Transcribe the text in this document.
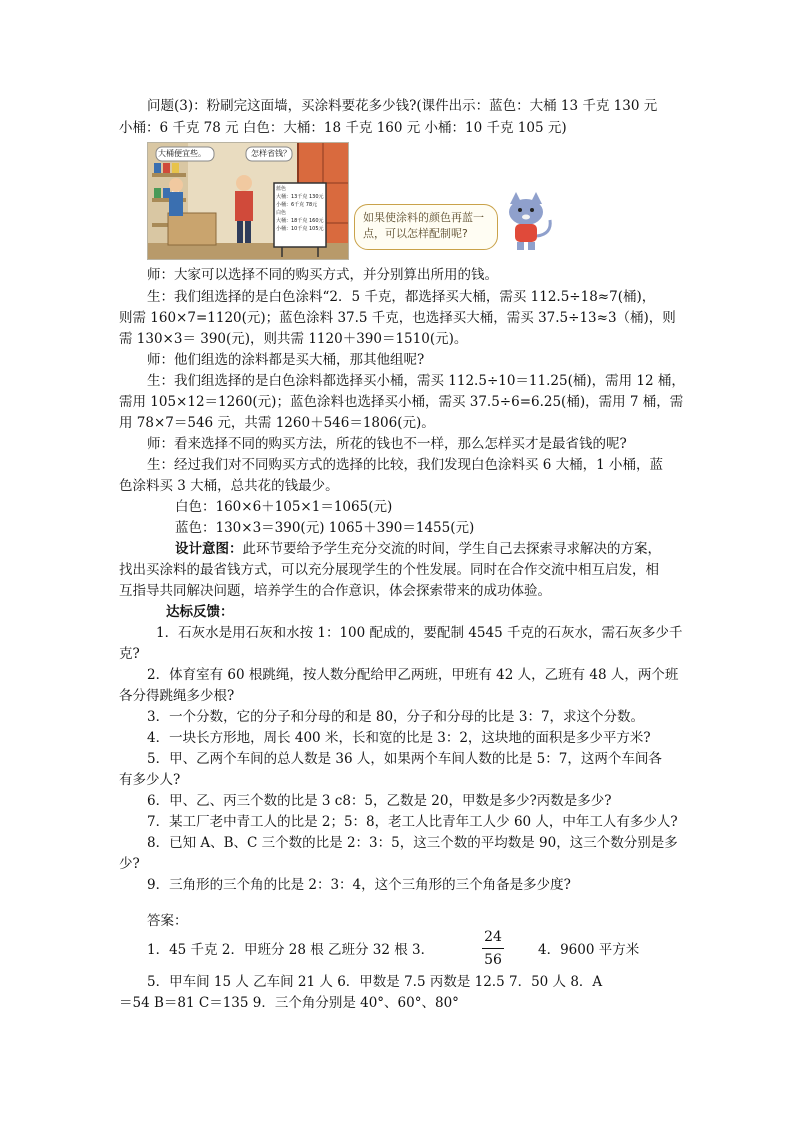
问题(3)：粉刷完这面墙，买涂料要花多少钱?(课件出示：蓝色：大桶 13 千克 130 元
小桶：6 千克 78 元 白色：大桶：18 千克 160 元 小桶：10 千克 105 元)
大桶便宜些。	怎样省钱？
蓝色
大桶：13千克 130元
小桶：6千克 78元
白色
大桶：18千克 160元
小桶：10千克 105元
如果使涂料的颜色再蓝一点，可以怎样配制呢?
师：大家可以选择不同的购买方式，并分别算出所用的钱。
生：我们组选择的是白色涂料“2．5 千克，都选择买大桶，需买 112.5÷18≈7(桶)，
则需 160×7=1120(元)；蓝色涂料 37.5 千克，也选择买大桶，需买 37.5÷13≈3（桶)，则
需 130×3＝ 390(元)，则共需 1120＋390＝1510(元)。
师：他们组选的涂料都是买大桶，那其他组呢?
生：我们组选择的是白色涂料都选择买小桶，需买 112.5÷10＝11.25(桶)，需用 12 桶，
需用 105×12＝1260(元)；蓝色涂料也选择买小桶，需买 37.5÷6=6.25(桶)，需用 7 桶，需
用 78×7＝546 元，共需 1260＋546＝1806(元)。
师：看来选择不同的购买方法，所花的钱也不一样，那么怎样买才是最省钱的呢?
生：经过我们对不同购买方式的选择的比较，我们发现白色涂料买 6 大桶，1 小桶，蓝
色涂料买 3 大桶，总共花的钱最少。
白色：160×6＋105×1＝1065(元)
蓝色：130×3＝390(元) 1065＋390＝1455(元)
设计意图：此环节要给予学生充分交流的时间，学生自己去探索寻求解决的方案，
找出买涂料的最省钱方式，可以充分展现学生的个性发展。同时在合作交流中相互启发，相
互指导共同解决问题，培养学生的合作意识，体会探索带来的成功体验。
达标反馈：
1．石灰水是用石灰和水按 1：100 配成的，要配制 4545 千克的石灰水，需石灰多少千
克?
2．体育室有 60 根跳绳，按人数分配给甲乙两班，甲班有 42 人，乙班有 48 人，两个班
各分得跳绳多少根?
3．一个分数，它的分子和分母的和是 80，分子和分母的比是 3：7，求这个分数。
4．一块长方形地，周长 400 米，长和宽的比是 3：2，这块地的面积是多少平方米?
5．甲、乙两个车间的总人数是 36 人，如果两个车间人数的比是 5：7，这两个车间各
有多少人?
6．甲、乙、丙三个数的比是 3 c8：5，乙数是 20，甲数是多少?丙数是多少?
7．某工厂老中青工人的比是 2；5：8，老工人比青年工人少 60 人，中年工人有多少人?
8．已知 A、B、C 三个数的比是 2：3：5，这三个数的平均数是 90，这三个数分别是多
少?
9．三角形的三个角的比是 2：3：4，这个三角形的三个角备是多少度?
答案：
1．45 千克 2．甲班分 28 根 乙班分 32 根 3．
24
56
4．9600 平方米
5．甲车间 15 人 乙车间 21 人 6．甲数是 7.5 丙数是 12.5 7．50 人 8．A
＝54 B＝81 C＝135 9．三个角分别是 40°、60°、80°
